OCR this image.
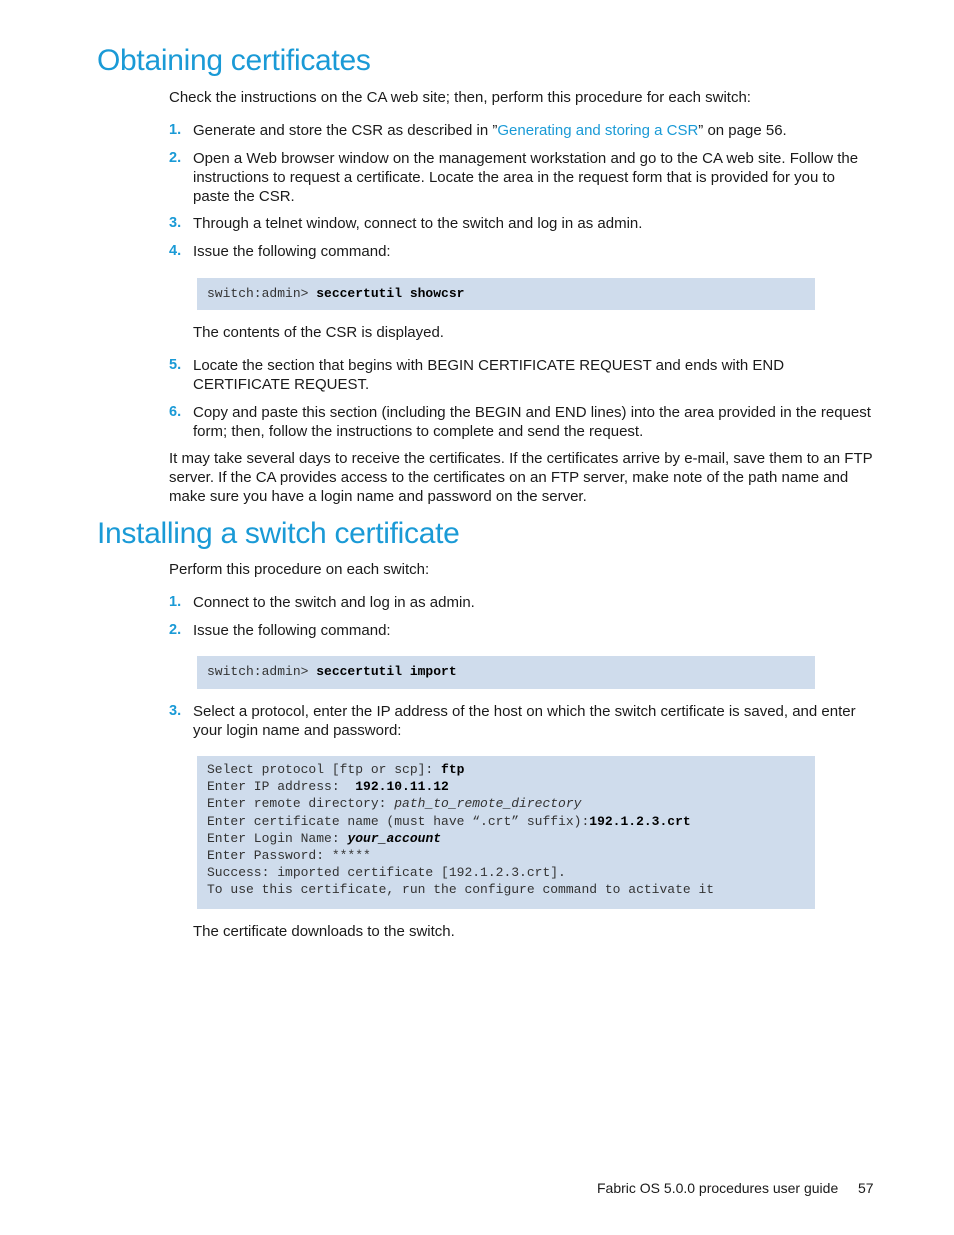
Obtaining certificates
Check the instructions on the CA web site; then, perform this procedure for each switch:
1. Generate and store the CSR as described in ”Generating and storing a CSR” on page 56.
2. Open a Web browser window on the management workstation and go to the CA web site. Follow the instructions to request a certificate. Locate the area in the request form that is provided for you to paste the CSR.
3. Through a telnet window, connect to the switch and log in as admin.
4. Issue the following command:
switch:admin> seccertutil showcsr
The contents of the CSR is displayed.
5. Locate the section that begins with BEGIN CERTIFICATE REQUEST and ends with END CERTIFICATE REQUEST.
6. Copy and paste this section (including the BEGIN and END lines) into the area provided in the request form; then, follow the instructions to complete and send the request.
It may take several days to receive the certificates. If the certificates arrive by e-mail, save them to an FTP server. If the CA provides access to the certificates on an FTP server, make note of the path name and make sure you have a login name and password on the server.
Installing a switch certificate
Perform this procedure on each switch:
1. Connect to the switch and log in as admin.
2. Issue the following command:
switch:admin> seccertutil import
3. Select a protocol, enter the IP address of the host on which the switch certificate is saved, and enter your login name and password:
Select protocol [ftp or scp]: ftp
Enter IP address:  192.10.11.12
Enter remote directory: path_to_remote_directory
Enter certificate name (must have “.crt” suffix):192.1.2.3.crt
Enter Login Name: your_account
Enter Password: *****
Success: imported certificate [192.1.2.3.crt].
To use this certificate, run the configure command to activate it
The certificate downloads to the switch.
Fabric OS 5.0.0 procedures user guide 57
